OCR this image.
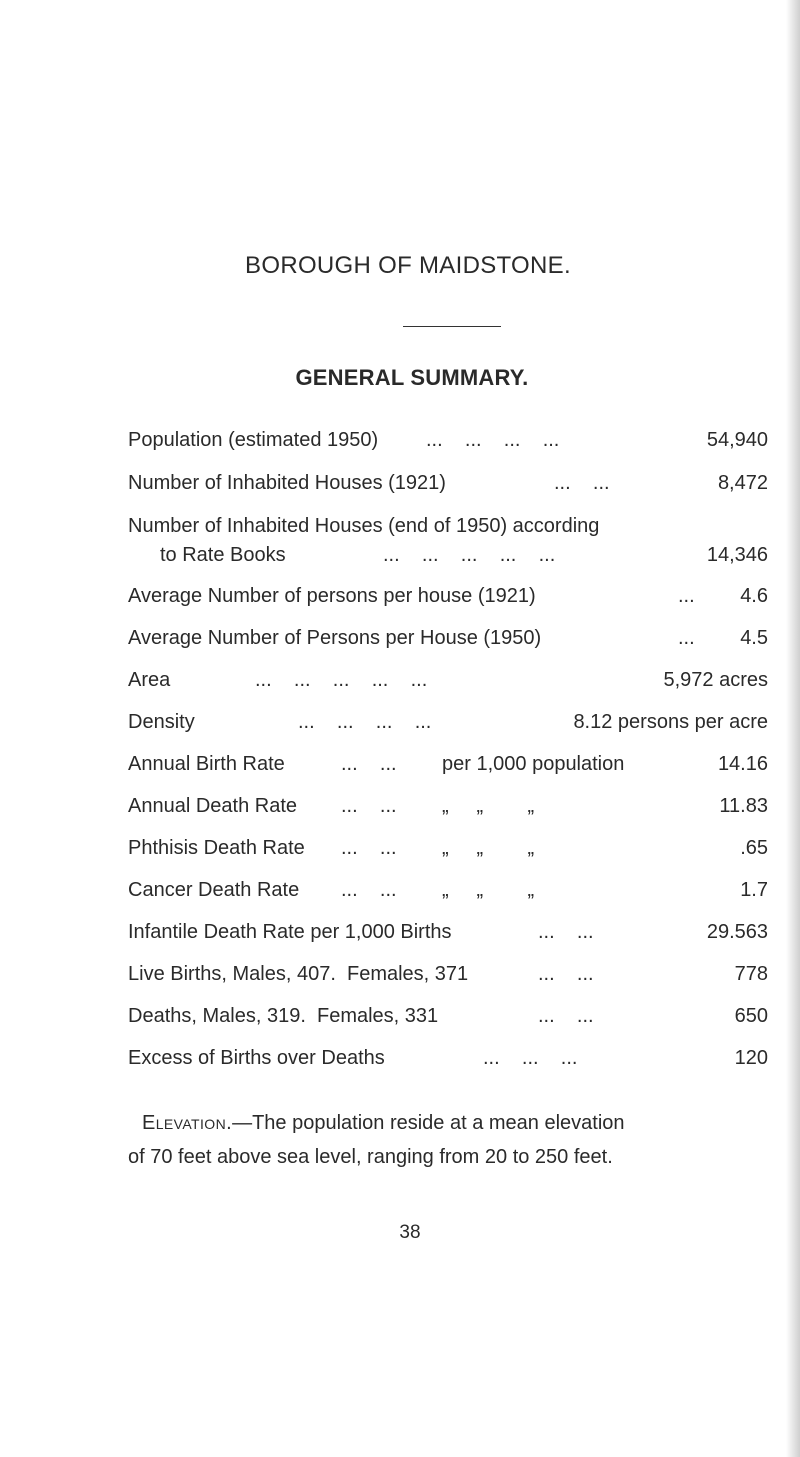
BOROUGH OF MAIDSTONE.
GENERAL SUMMARY.
Population (estimated 1950) ...    ...    ...    ...	54,940
Number of Inhabited Houses (1921)	...    ...	8,472
Number of Inhabited Houses (end of 1950) according
to Rate Books	...    ...    ...    ...    ...	14,346
Average Number of persons per house (1921)	... 4.6
Average Number of Persons per House (1950)	... 4.5
Area	...    ...    ...    ...    ...	5,972 acres
Density	...    ...    ...    ...	8.12 persons per acre
Annual Birth Rate	...    ... per 1,000 population	14.16
Annual Death Rate ...    ... „     „        „	11.83
Phthisis Death Rate ...    ... „     „        „	.65
Cancer Death Rate ...    ... „     „        „	1.7
Infantile Death Rate per 1,000 Births	...    ...	29.563
Live Births, Males, 407.  Females, 371	...    ...	778
Deaths, Males, 319.  Females, 331	...    ...	650
Excess of Births over Deaths	...    ...    ...	120
Elevation.—The population reside at a mean elevation
of 70 feet above sea level, ranging from 20 to 250 feet.
38
